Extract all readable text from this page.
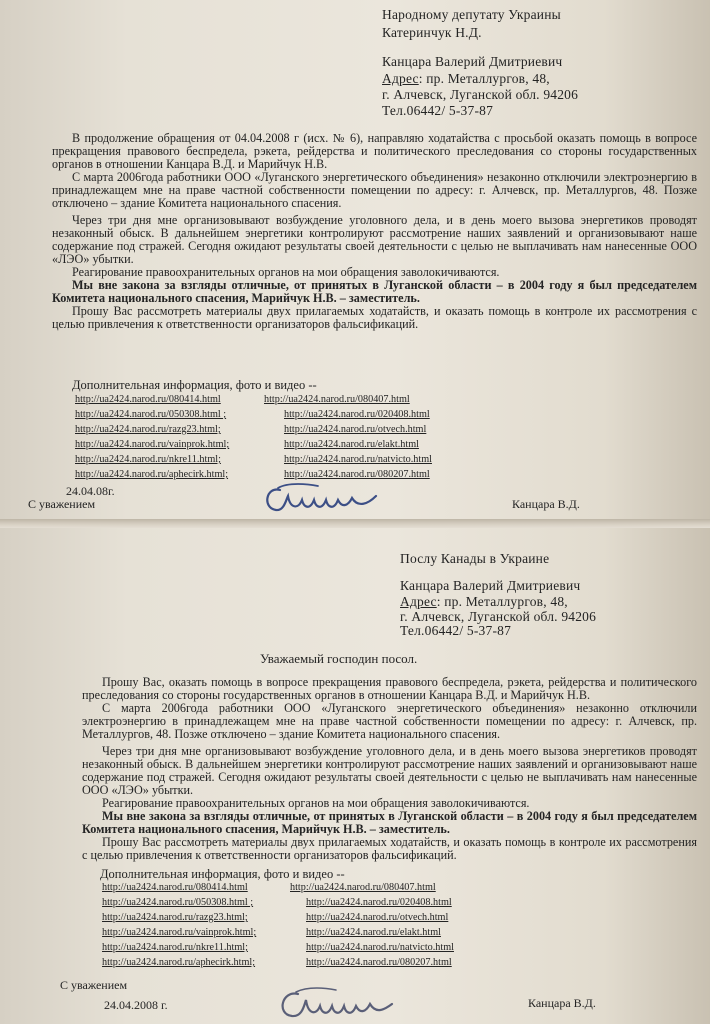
Народному депутату Украины
Катеринчук Н.Д.
Канцара Валерий Дмитриевич
Адрес: пр. Металлургов, 48,
г. Алчевск, Луганской обл. 94206
Тел.06442/ 5-37-87

В продолжение обращения от 04.04.2008 г (исх. № 6), направляю ходатайства с просьбой оказать помощь в вопросе прекращения правового беспредела, рэкета, рейдерства и политического преследования со стороны государственных органов в отношении Канцара В.Д. и Марийчук Н.В.

С марта 2006года работники ООО «Луганского энергетического объединения» незаконно отключили электроэнергию в принадлежащем мне на праве частной собственности помещении по адресу: г. Алчевск, пр. Металлургов, 48. Позже отключено – здание Комитета национального спасения.

Через три дня мне организовывают возбуждение уголовного дела, и в день моего вызова энергетиков проводят незаконный обыск. В дальнейшем энергетики контролируют рассмотрение наших заявлений и организовывают наше содержание под стражей. Сегодня ожидают результаты своей деятельности с целью не выплачивать нам нанесенные ООО «ЛЭО» убытки.

Реагирование правоохранительных органов на мои обращения заволокичиваются.

Мы вне закона за взгляды отличные, от принятых в Луганской области – в 2004 году я был председателем Комитета национального спасения, Марийчук Н.В. – заместитель.

Прошу Вас рассмотреть материалы двух прилагаемых ходатайств, и оказать помощь в контроле их рассмотрения с целью привлечения к ответственности организаторов фальсификаций.

Дополнительная информация, фото и видео --
http://ua2424.narod.ru/080414.html
http://ua2424.narod.ru/050308.html ;
http://ua2424.narod.ru/razg23.html;
http://ua2424.narod.ru/vainprok.html;
http://ua2424.narod.ru/nkre11.html;
http://ua2424.narod.ru/aphecirk.html;
http://ua2424.narod.ru/080407.html
http://ua2424.narod.ru/020408.html
http://ua2424.narod.ru/otvech.html
http://ua2424.narod.ru/elakt.html
http://ua2424.narod.ru/natvicto.html
http://ua2424.narod.ru/080207.html
24.04.08г.
С уважением	Канцара В.Д.
Послу Канады в Украине
Канцара Валерий Дмитриевич
Адрес: пр. Металлургов, 48,
г. Алчевск, Луганской обл. 94206
Тел.06442/ 5-37-87
Уважаемый господин посол.

Прошу Вас, оказать помощь в вопросе прекращения правового беспредела, рэкета, рейдерства и политического преследования со стороны государственных органов в отношении Канцара В.Д. и Марийчук Н.В.

С марта 2006года работники ООО «Луганского энергетического объединения» незаконно отключили электроэнергию в принадлежащем мне на праве частной собственности помещении по адресу: г. Алчевск, пр. Металлургов, 48. Позже отключено – здание Комитета национального спасения.

Через три дня мне организовывают возбуждение уголовного дела, и в день моего вызова энергетиков проводят незаконный обыск. В дальнейшем энергетики контролируют рассмотрение наших заявлений и организовывают наше содержание под стражей. Сегодня ожидают результаты своей деятельности с целью не выплачивать нам нанесенные ООО «ЛЭО» убытки.

Реагирование правоохранительных органов на мои обращения заволокичиваются.

Мы вне закона за взгляды отличные, от принятых в Луганской области – в 2004 году я был председателем Комитета национального спасения, Марийчук Н.В. – заместитель.

Прошу Вас рассмотреть материалы двух прилагаемых ходатайств, и оказать помощь в контроле их рассмотрения с целью привлечения к ответственности организаторов фальсификаций.

Дополнительная информация, фото и видео --
http://ua2424.narod.ru/080414.html
http://ua2424.narod.ru/050308.html ;
http://ua2424.narod.ru/razg23.html;
http://ua2424.narod.ru/vainprok.html;
http://ua2424.narod.ru/nkre11.html;
http://ua2424.narod.ru/aphecirk.html;
http://ua2424.narod.ru/080407.html
http://ua2424.narod.ru/020408.html
http://ua2424.narod.ru/otvech.html
http://ua2424.narod.ru/elakt.html
http://ua2424.narod.ru/natvicto.html
http://ua2424.narod.ru/080207.html
С уважением
24.04.2008 г.	Канцара В.Д.
